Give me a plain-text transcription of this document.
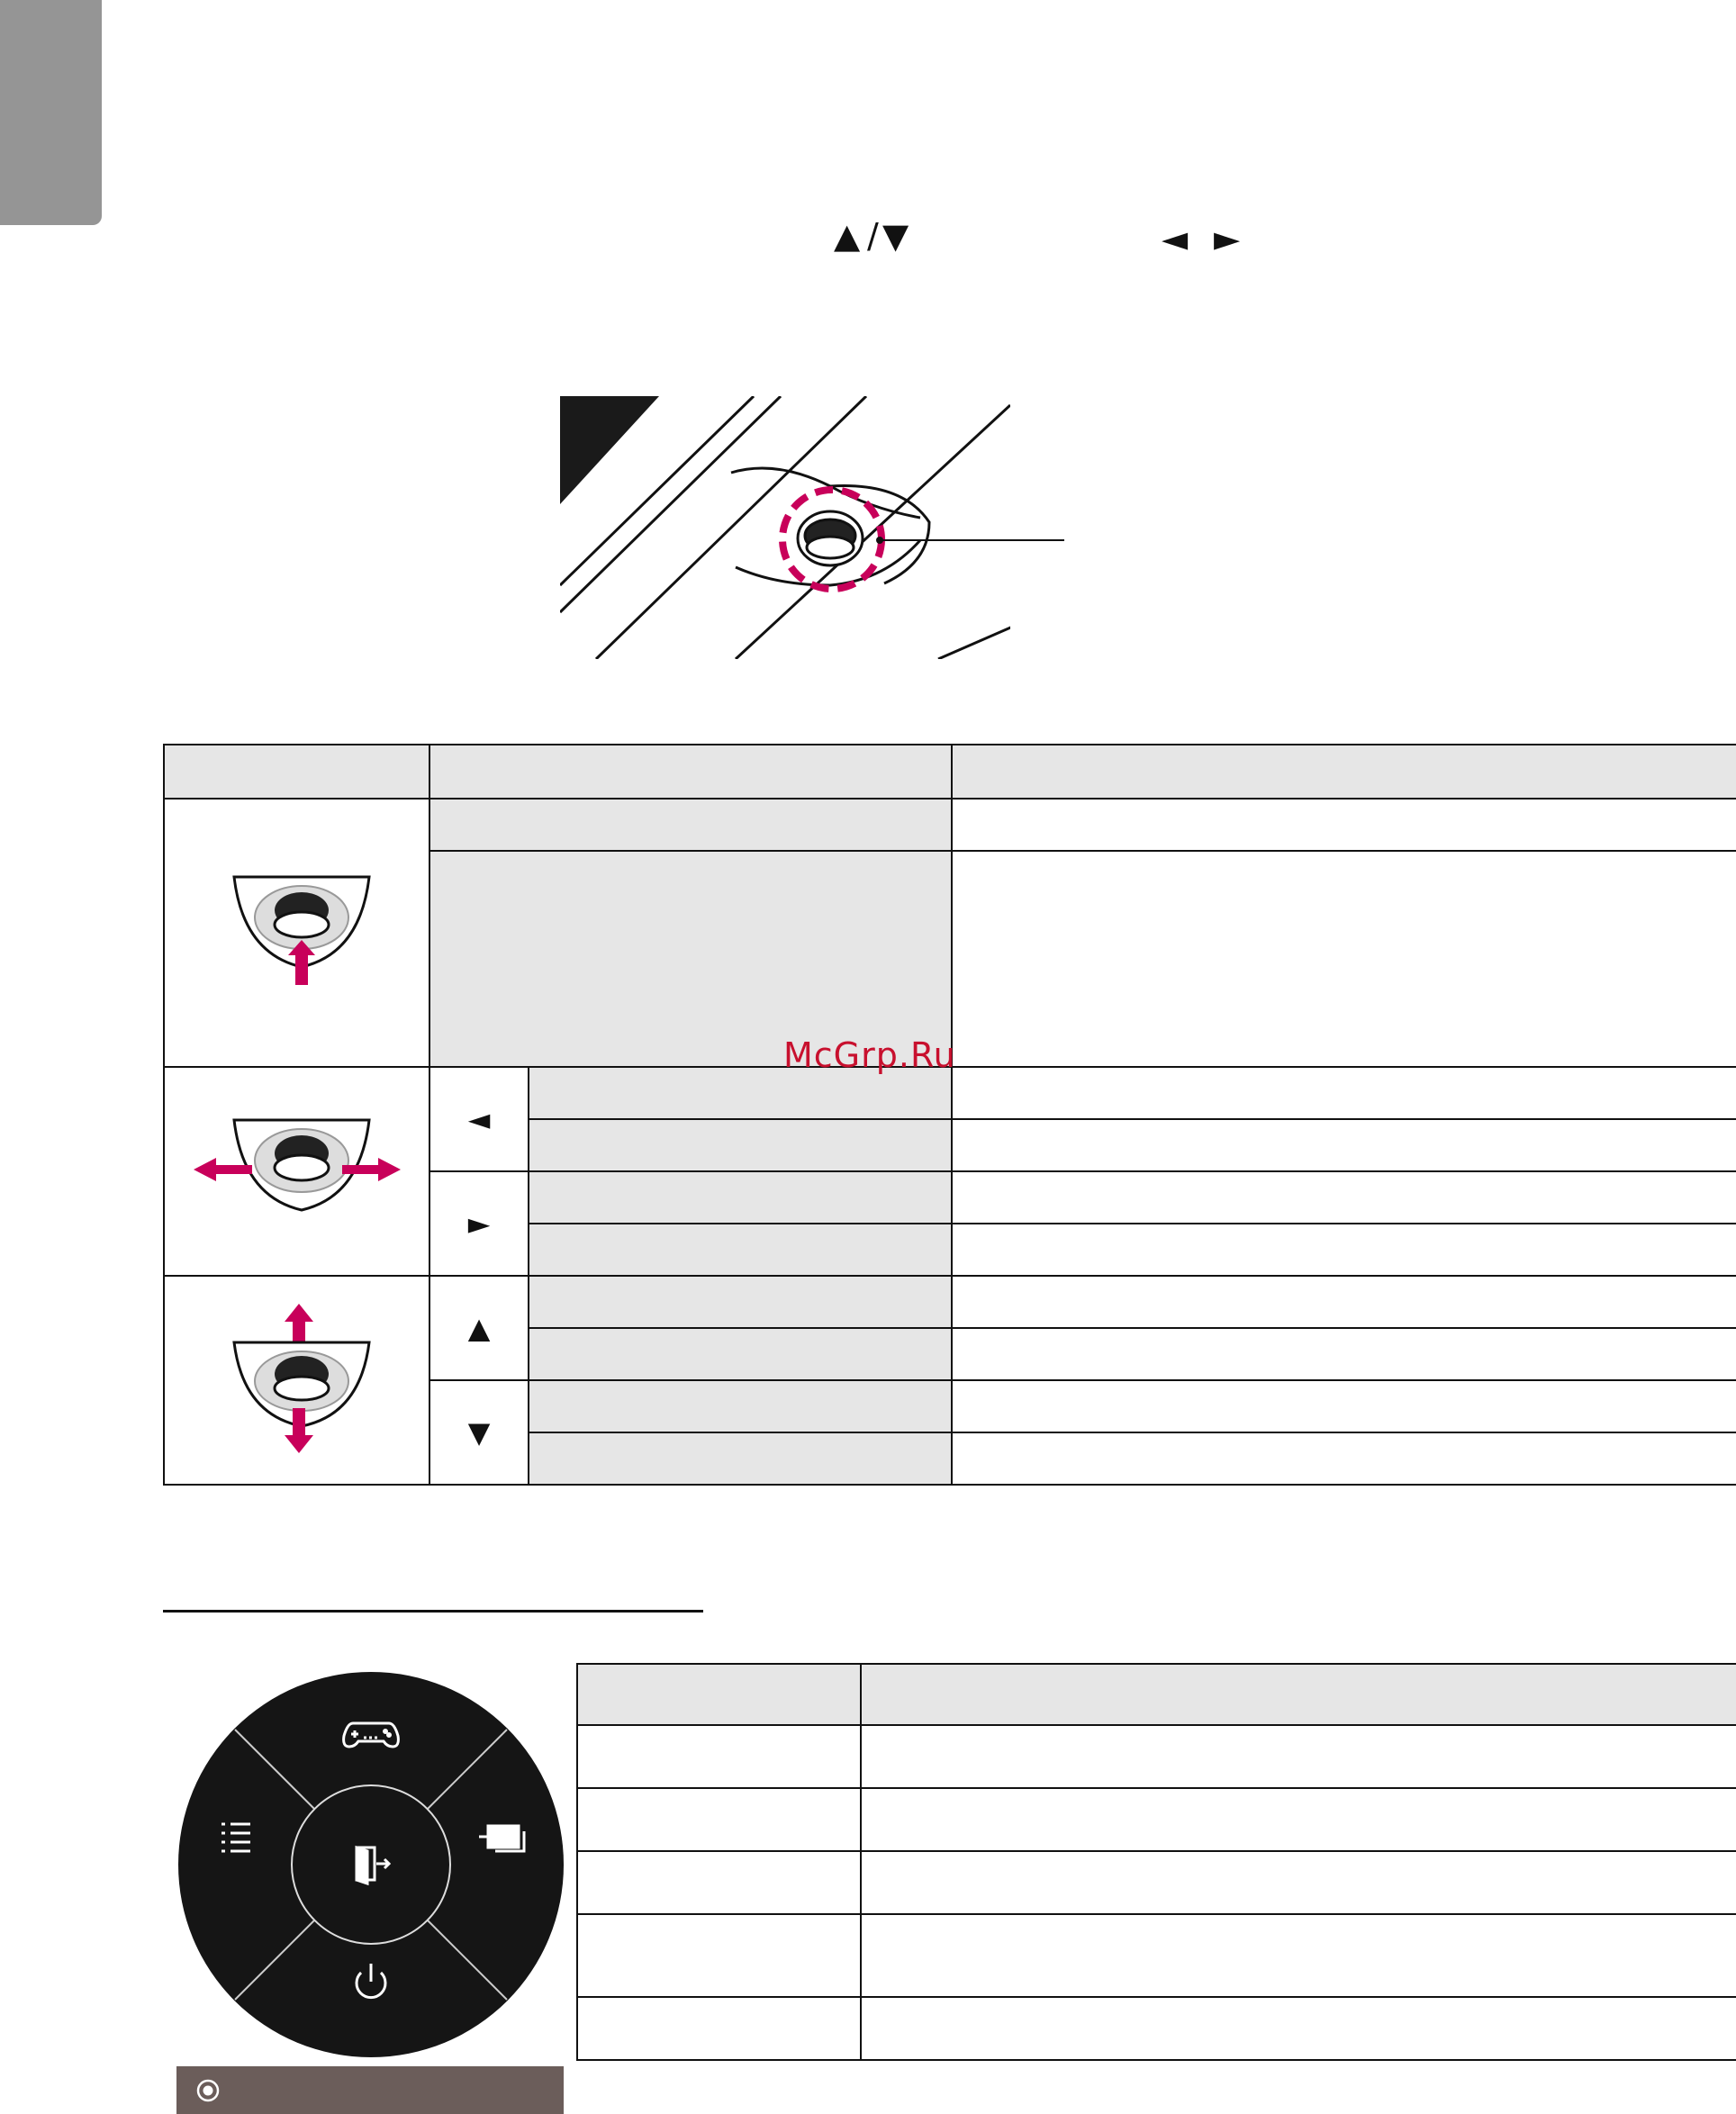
▲ / ▼	◄ ►

	◄		

	►		

	▲		

	▼		

McGrp.Ru
